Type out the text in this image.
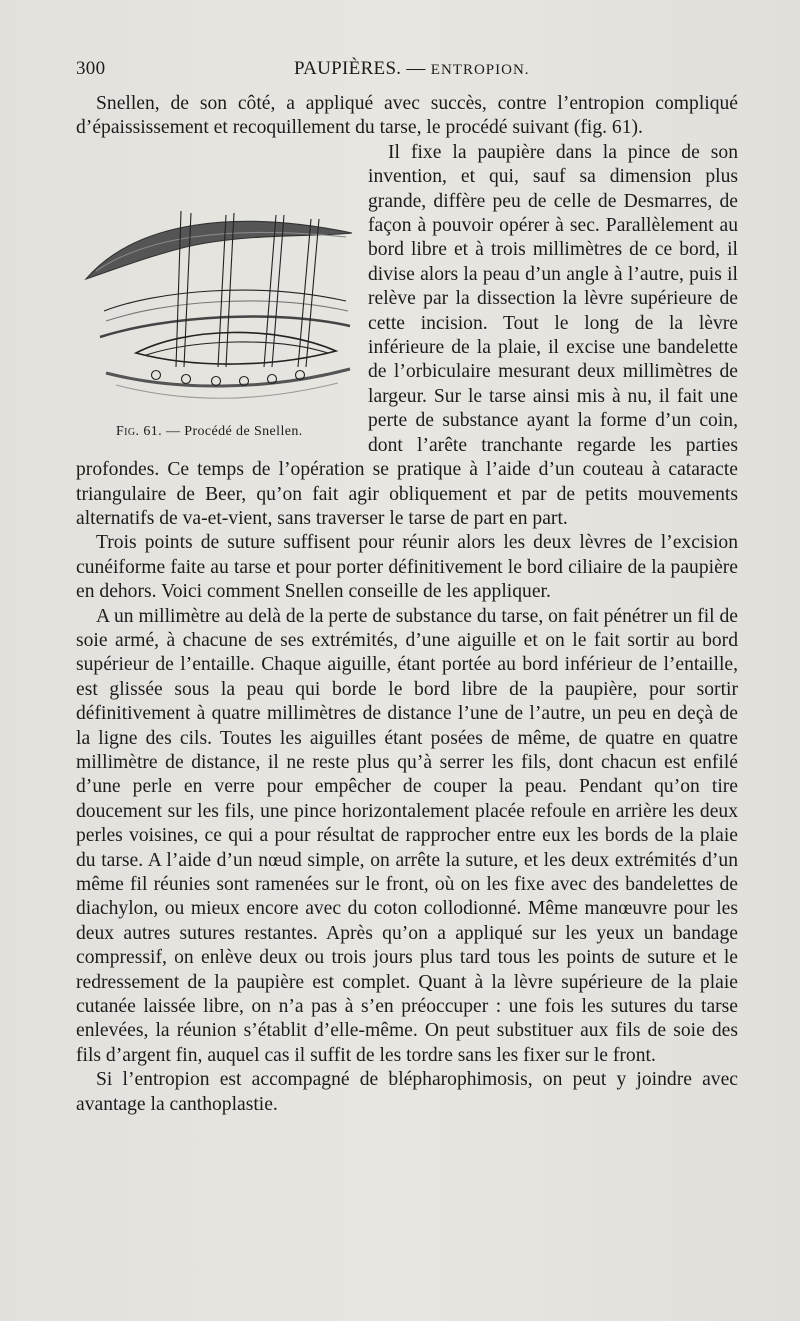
300	PAUPIÈRES. — ENTROPION.

Snellen, de son côté, a appliqué avec succès, contre l’entropion compliqué d’épaississement et recoquillement du tarse, le procédé suivant (fig. 61).

Fig. 61. — Procédé de Snellen.

Il fixe la paupière dans la pince de son invention, et qui, sauf sa dimension plus grande, diffère peu de celle de Desmarres, de façon à pouvoir opérer à sec. Parallèlement au bord libre et à trois millimètres de ce bord, il divise alors la peau d’un angle à l’autre, puis il relève par la dissection la lèvre supérieure de cette incision. Tout le long de la lèvre inférieure de la plaie, il excise une bandelette de l’orbiculaire mesurant deux millimètres de largeur. Sur le tarse ainsi mis à nu, il fait une perte de substance ayant la forme d’un coin, dont l’arête tranchante regarde les parties profondes. Ce temps de l’opération se pratique à l’aide d’un couteau à cataracte triangulaire de Beer, qu’on fait agir obliquement et par de petits mouvements alternatifs de va-et-vient, sans traverser le tarse de part en part.

Trois points de suture suffisent pour réunir alors les deux lèvres de l’excision cunéiforme faite au tarse et pour porter définitivement le bord ciliaire de la paupière en dehors. Voici comment Snellen conseille de les appliquer.

A un millimètre au delà de la perte de substance du tarse, on fait pénétrer un fil de soie armé, à chacune de ses extrémités, d’une aiguille et on le fait sortir au bord supérieur de l’entaille. Chaque aiguille, étant portée au bord inférieur de l’entaille, est glissée sous la peau qui borde le bord libre de la paupière, pour sortir définitivement à quatre millimètres de distance l’une de l’autre, un peu en deçà de la ligne des cils. Toutes les aiguilles étant posées de même, de quatre en quatre millimètre de distance, il ne reste plus qu’à serrer les fils, dont chacun est enfilé d’une perle en verre pour empêcher de couper la peau. Pendant qu’on tire doucement sur les fils, une pince horizontalement placée refoule en arrière les deux perles voisines, ce qui a pour résultat de rapprocher entre eux les bords de la plaie du tarse. A l’aide d’un nœud simple, on arrête la suture, et les deux extrémités d’un même fil réunies sont ramenées sur le front, où on les fixe avec des bandelettes de diachylon, ou mieux encore avec du coton collodionné. Même manœuvre pour les deux autres sutures restantes. Après qu’on a appliqué sur les yeux un bandage compressif, on enlève deux ou trois jours plus tard tous les points de suture et le redressement de la paupière est complet. Quant à la lèvre supérieure de la plaie cutanée laissée libre, on n’a pas à s’en préoccuper : une fois les sutures du tarse enlevées, la réunion s’établit d’elle-même. On peut substituer aux fils de soie des fils d’argent fin, auquel cas il suffit de les tordre sans les fixer sur le front.

Si l’entropion est accompagné de blépharophimosis, on peut y joindre avec avantage la canthoplastie.
